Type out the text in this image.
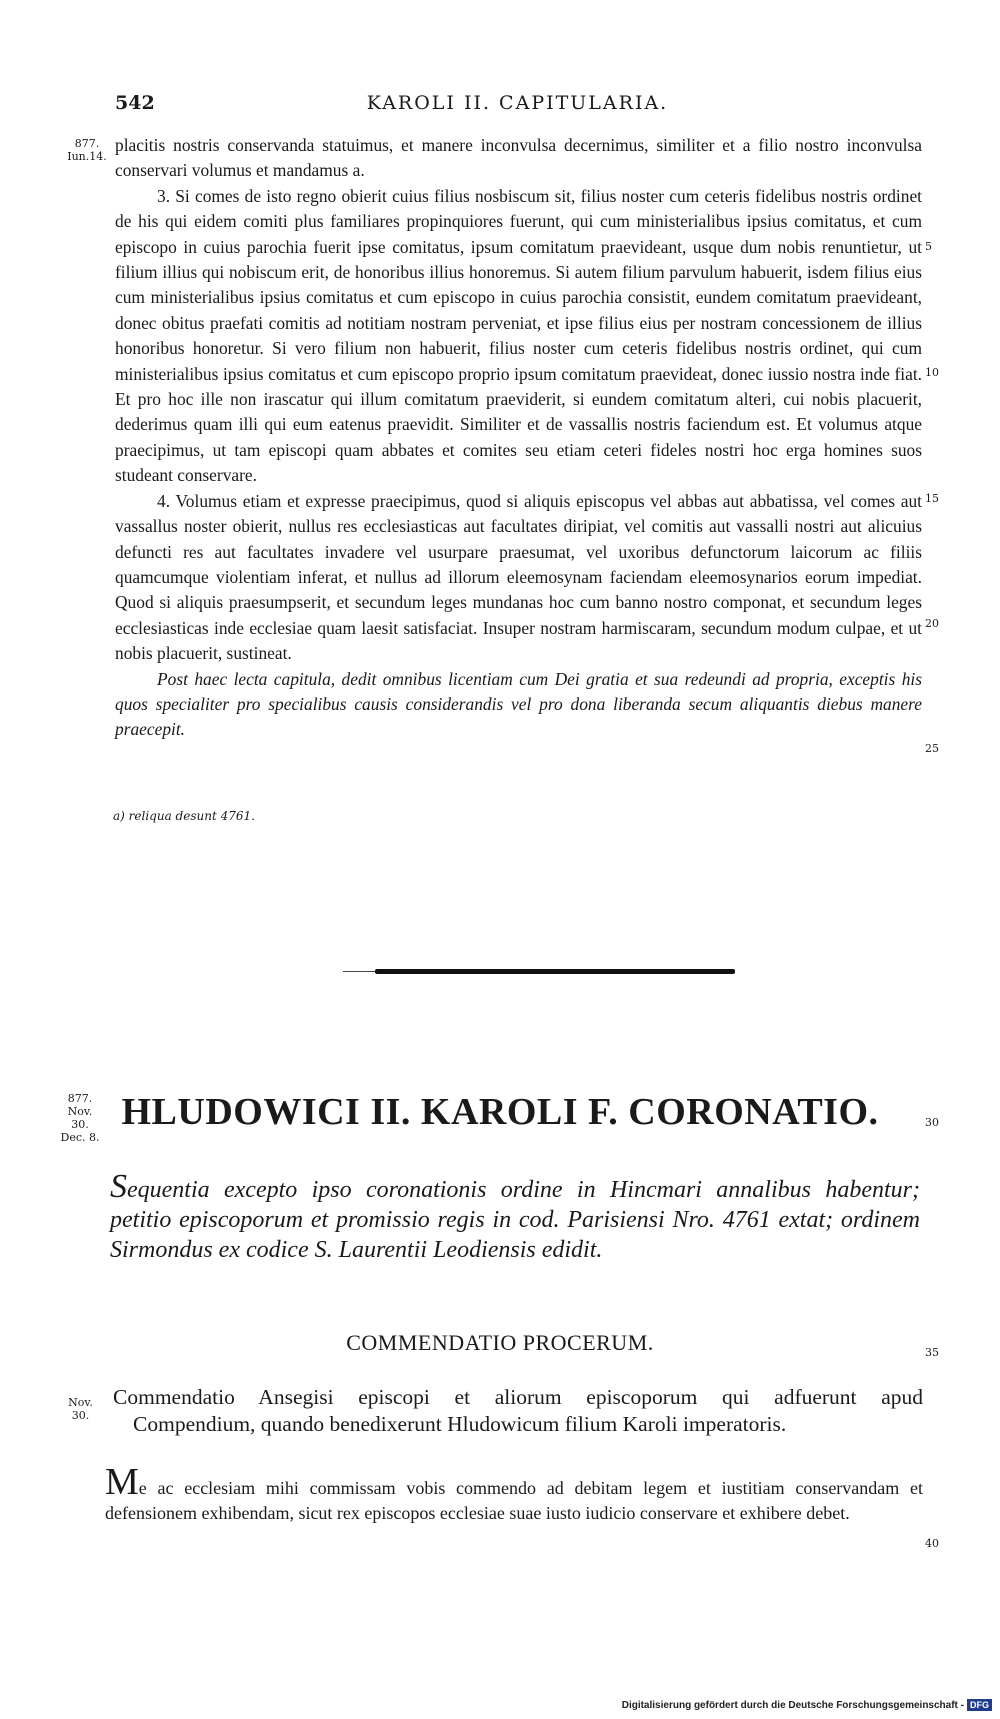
542	KAROLI II. CAPITULARIA.
877.
Iun.14.

placitis nostris conservanda statuimus, et manere inconvulsa decernimus, similiter et a filio nostro inconvulsa conservari volumus et mandamus a.

3. Si comes de isto regno obierit cuius filius nosbiscum sit, filius noster cum ceteris fidelibus nostris ordinet de his qui eidem comiti plus familiares propinquiores fuerunt, qui cum ministerialibus ipsius comitatus, et cum episcopo in cuius parochia fuerit ipse comitatus, ipsum comitatum praevideant, usque dum nobis renuntietur, ut filium illius qui nobiscum erit, de honoribus illius honoremus. Si autem filium parvulum habuerit, isdem filius eius cum ministerialibus ipsius comitatus et cum episcopo in cuius parochia consistit, eundem comitatum praevideant, donec obitus praefati comitis ad notitiam nostram perveniat, et ipse filius eius per nostram concessionem de illius honoribus honoretur. Si vero filium non habuerit, filius noster cum ceteris fidelibus nostris ordinet, qui cum ministerialibus ipsius comitatus et cum episcopo proprio ipsum comitatum praevideat, donec iussio nostra inde fiat. Et pro hoc ille non irascatur qui illum comitatum praeviderit, si eundem comitatum alteri, cui nobis placuerit, dederimus quam illi qui eum eatenus praevidit. Similiter et de vassallis nostris faciendum est. Et volumus atque praecipimus, ut tam episcopi quam abbates et comites seu etiam ceteri fideles nostri hoc erga homines suos studeant conservare.

4. Volumus etiam et expresse praecipimus, quod si aliquis episcopus vel abbas aut abbatissa, vel comes aut vassallus noster obierit, nullus res ecclesiasticas aut facultates diripiat, vel comitis aut vassalli nostri aut alicuius defuncti res aut facultates invadere vel usurpare praesumat, vel uxoribus defunctorum laicorum ac filiis quamcumque violentiam inferat, et nullus ad illorum eleemosynam faciendam eleemosynarios eorum impediat. Quod si aliquis praesumpserit, et secundum leges mundanas hoc cum banno nostro componat, et secundum leges ecclesiasticas inde ecclesiae quam laesit satisfaciat. Insuper nostram harmiscaram, secundum modum culpae, et ut nobis placuerit, sustineat.

Post haec lecta capitula, dedit omnibus licentiam cum Dei gratia et sua redeundi ad propria, exceptis his quos specialiter pro specialibus causis considerandis vel pro dona liberanda secum aliquantis diebus manere praecepit.

5
10
15
20
25
a) reliqua desunt 4761.
877.
Nov.
30.
Dec. 8.
HLUDOWICI II. KAROLI F. CORONATIO.	30
Sequentia excepto ipso coronationis ordine in Hincmari annalibus habentur; petitio episcoporum et promissio regis in cod. Parisiensi Nro. 4761 extat; ordinem Sirmondus ex codice S. Laurentii Leodiensis edidit.
COMMENDATIO PROCERUM.	35
Nov.
30.
Commendatio Ansegisi episcopi et aliorum episcoporum qui adfuerunt apud
Compendium, quando benedixerunt Hludowicum filium Karoli imperatoris.
Me ac ecclesiam mihi commissam vobis commendo ad debitam legem et iustitiam conservandam et defensionem exhibendam, sicut rex episcopos ecclesiae suae iusto iudicio conservare et exhibere debet.
40
Digitalisierung gefördert durch die Deutsche Forschungsgemeinschaft - DFG
